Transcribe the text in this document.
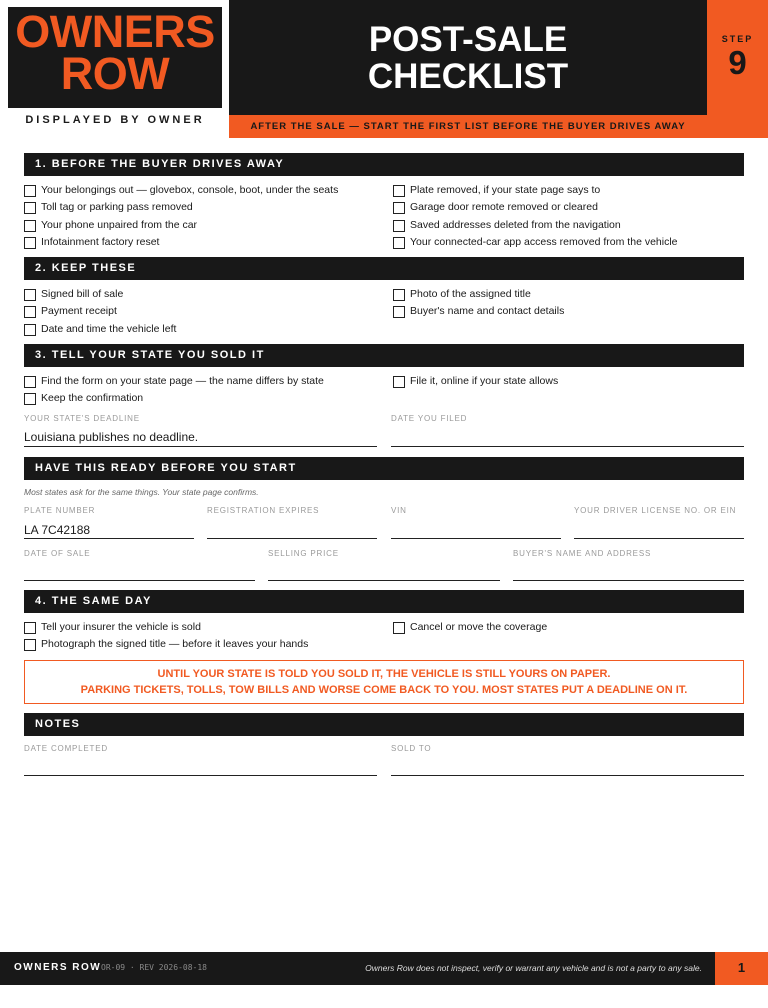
OWNERS
ROW
DISPLAYED BY OWNER
POST-SALE
CHECKLIST
STEP
9
AFTER THE SALE — START THE FIRST LIST BEFORE THE BUYER DRIVES AWAY
1. BEFORE THE BUYER DRIVES AWAY
Your belongings out — glovebox, console, boot, under the seats
Toll tag or parking pass removed
Your phone unpaired from the car
Infotainment factory reset
Plate removed, if your state page says to
Garage door remote removed or cleared
Saved addresses deleted from the navigation
Your connected-car app access removed from the vehicle
2. KEEP THESE
Signed bill of sale
Payment receipt
Date and time the vehicle left
Photo of the assigned title
Buyer's name and contact details
3. TELL YOUR STATE YOU SOLD IT
Find the form on your state page — the name differs by state
Keep the confirmation
File it, online if your state allows
YOUR STATE'S DEADLINE
Louisiana publishes no deadline.
DATE YOU FILED
HAVE THIS READY BEFORE YOU START
Most states ask for the same things. Your state page confirms.
PLATE NUMBER
LA 7C42188
REGISTRATION EXPIRES	VIN	YOUR DRIVER LICENSE NO. OR EIN
DATE OF SALE	SELLING PRICE	BUYER'S NAME AND ADDRESS
4. THE SAME DAY
Tell your insurer the vehicle is sold
Photograph the signed title — before it leaves your hands
Cancel or move the coverage
UNTIL YOUR STATE IS TOLD YOU SOLD IT, THE VEHICLE IS STILL YOURS ON PAPER.
PARKING TICKETS, TOLLS, TOW BILLS AND WORSE COME BACK TO YOU. MOST STATES PUT A DEADLINE ON IT.
NOTES
DATE COMPLETED	SOLD TO
OWNERS ROW OR-09 · REV 2026-08-18	Owners Row does not inspect, verify or warrant any vehicle and is not a party to any sale.	1
